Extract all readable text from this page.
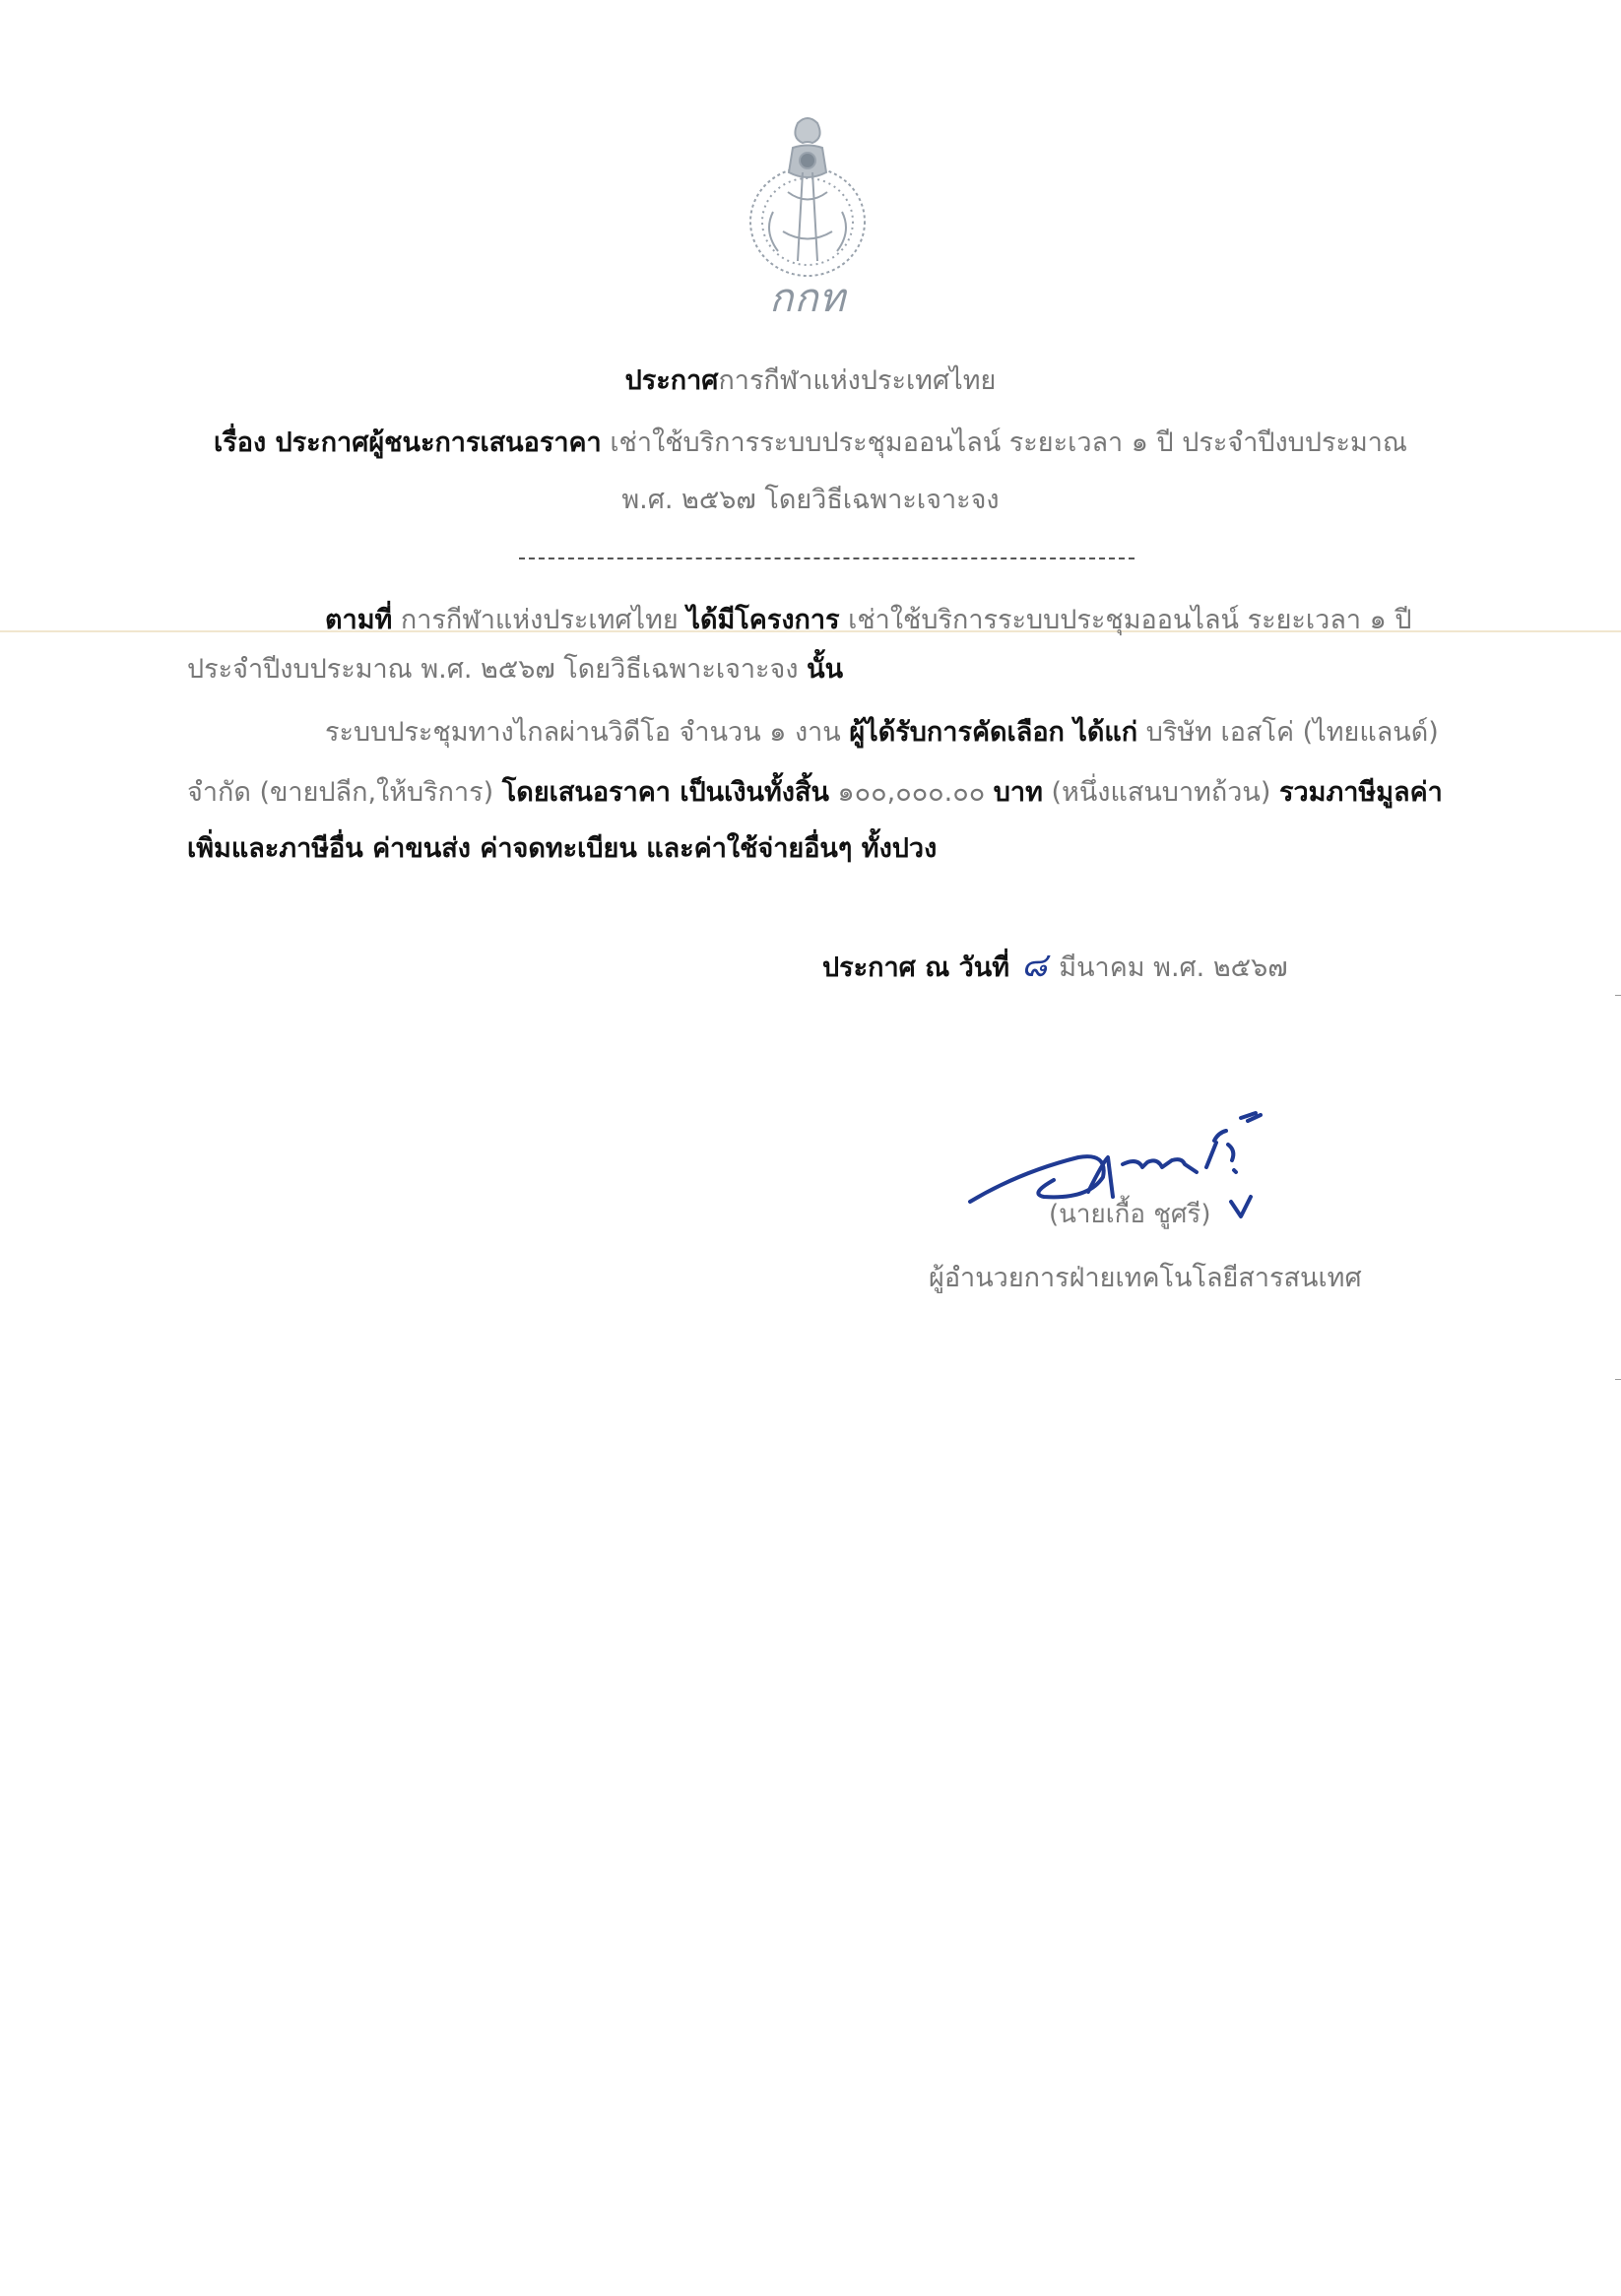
กกท
ประกาศการกีฬาแห่งประเทศไทย
เรื่อง ประกาศผู้ชนะการเสนอราคา เช่าใช้บริการระบบประชุมออนไลน์ ระยะเวลา ๑ ปี ประจำปีงบประมาณ
พ.ศ. ๒๕๖๗ โดยวิธีเฉพาะเจาะจง
ตามที่ การกีฬาแห่งประเทศไทย ได้มีโครงการ เช่าใช้บริการระบบประชุมออนไลน์ ระยะเวลา ๑ ปี
ประจำปีงบประมาณ พ.ศ. ๒๕๖๗ โดยวิธีเฉพาะเจาะจง นั้น
ระบบประชุมทางไกลผ่านวิดีโอ จำนวน ๑ งาน ผู้ได้รับการคัดเลือก ได้แก่ บริษัท เอสโค่ (ไทยแลนด์)
จำกัด (ขายปลีก,ให้บริการ) โดยเสนอราคา เป็นเงินทั้งสิ้น ๑๐๐,๐๐๐.๐๐ บาท (หนึ่งแสนบาทถ้วน) รวมภาษีมูลค่า
เพิ่มและภาษีอื่น ค่าขนส่ง ค่าจดทะเบียน และค่าใช้จ่ายอื่นๆ ทั้งปวง
ประกาศ ณ วันที่ ๘ มีนาคม พ.ศ. ๒๕๖๗
(นายเกื้อ ชูศรี)
ผู้อำนวยการฝ่ายเทคโนโลยีสารสนเทศ
